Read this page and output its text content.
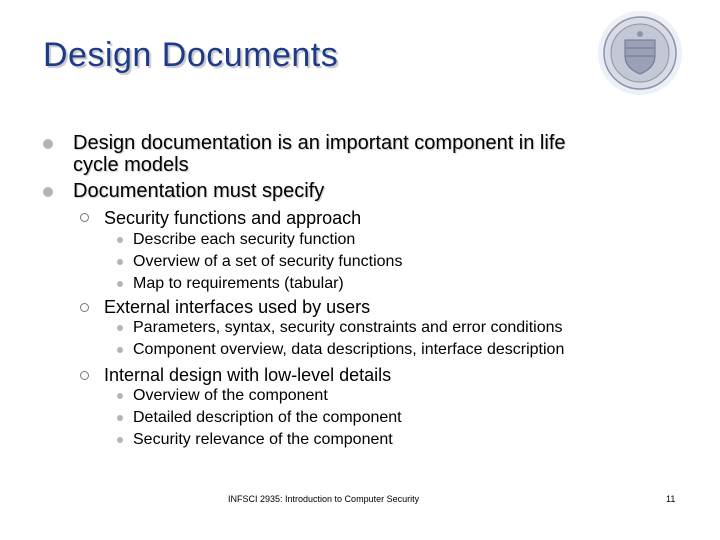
Design Documents
Design documentation is an important component in life
cycle models
Documentation must specify
Security functions and approach
Describe each security function
Overview of a set of security functions
Map to requirements (tabular)
External interfaces used by users
Parameters, syntax, security constraints and error conditions
Component overview, data descriptions, interface description
Internal design with low-level details
Overview of the component
Detailed description of the component
Security relevance of the component
INFSCI 2935: Introduction to Computer Security	11
